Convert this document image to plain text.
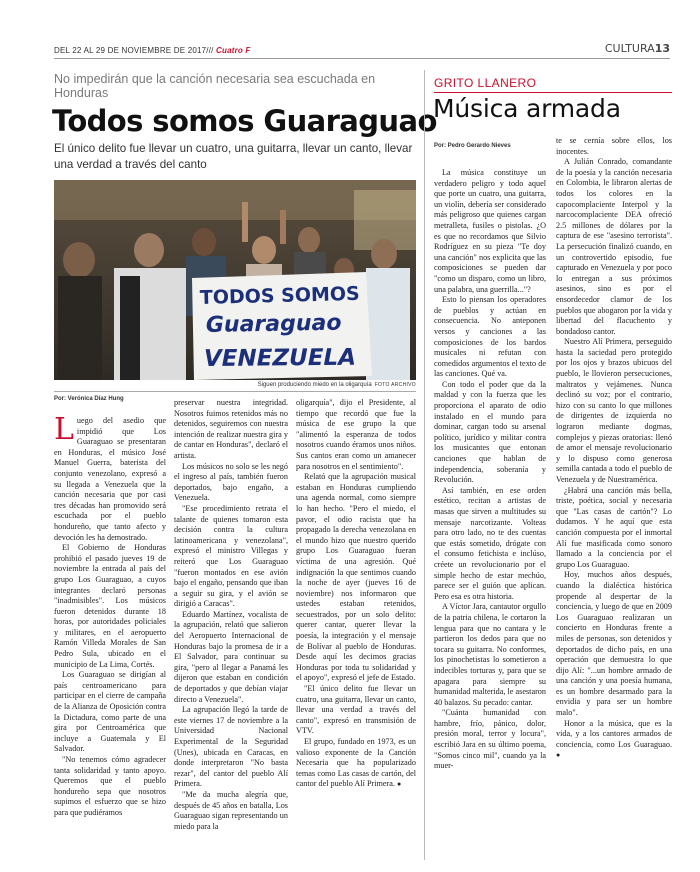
DEL 22 AL 29 DE NOVIEMBRE DE 2017/// Cuatro F	CULTURA13
No impedirán que la canción necesaria sea escuchada en Honduras
Todos somos Guaraguao
El único delito fue llevar un cuatro, una guitarra, llevar un canto, llevar una verdad a través del canto
TODOS SOMOS
Guaraguao
VENEZUELA
Siguen produciendo miedo en la oligarquía FOTO ARCHIVO
Por: Verónica Díaz Hung

Luego del asedio que impidió que Los Guaraguao se presentaran en Honduras, el músico José Manuel Guerra, baterista del conjunto venezolano, expresó a su llegada a Venezuela que la canción necesaria que por casi tres décadas han promovido será escuchada por el pueblo hondureño, que tanto afecto y devoción les ha demostrado.

El Gobierno de Honduras prohibió el pasado jueves 19 de noviembre la entrada al país del grupo Los Guaraguao, a cuyos integrantes declaró personas "inadmisibles". Los músicos fueron detenidos durante 18 horas, por autoridades policiales y militares, en el aeropuerto Ramón Villeda Morales de San Pedro Sula, ubicado en el municipio de La Lima, Cortés.

Los Guaraguao se dirigían al país centroamericano para participar en el cierre de campaña de la Alianza de Oposición contra la Dictadura, como parte de una gira por Centroamérica que incluye a Guatemala y El Salvador.

"No tenemos cómo agradecer tanta solidaridad y tanto apoyo. Queremos que el pueblo hondureño sepa que nosotros supimos el esfuerzo que se hizo para que pudiéramos

preservar nuestra integridad. Nosotros fuimos retenidos más no detenidos, seguiremos con nuestra intención de realizar nuestra gira y de cantar en Honduras", declaró el artista.

Los músicos no solo se les negó el ingreso al país, también fueron deportados, bajo engaño, a Venezuela.

"Ese procedimiento retrata el talante de quienes tomaron esta decisión contra la cultura latinoamericana y venezolana", expresó el ministro Villegas y reiteró que Los Guaraguao "fueron montados en ese avión bajo el engaño, pensando que iban a seguir su gira, y el avión se dirigió a Caracas".

Eduardo Martínez, vocalista de la agrupación, relató que salieron del Aeropuerto Internacional de Honduras bajo la promesa de ir a El Salvador, para continuar su gira, "pero al llegar a Panamá les dijeron que estaban en condición de deportados y que debían viajar directo a Venezuela".

La agrupación llegó la tarde de este viernes 17 de noviembre a la Universidad Nacional Experimental de la Seguridad (Unes), ubicada en Caracas, en donde interpretaron "No basta rezar", del cantor del pueblo Alí Primera.

"Me da mucha alegría que, después de 45 años en batalla, Los Guaraguao sigan representando un miedo para la

oligarquía", dijo el Presidente, al tiempo que recordó que fue la música de ese grupo la que "alimentó la esperanza de todos nosotros cuando éramos unos niños. Sus cantos eran como un amanecer para nosotros en el sentimiento".

Relató que la agrupación musical estaban en Honduras cumpliendo una agenda normal, como siempre lo han hecho. "Pero el miedo, el pavor, el odio racista que ha propagado la derecha venezolana en el mundo hizo que nuestro querido grupo Los Guaraguao fueran víctima de una agresión. Qué indignación la que sentimos cuando la noche de ayer (jueves 16 de noviembre) nos informaron que ustedes estaban retenidos, secuestrados, por un solo delito: querer cantar, querer llevar la poesía, la integración y el mensaje de Bolívar al pueblo de Honduras. Desde aquí les decimos gracias Honduras por toda tu solidaridad y el apoyo", expresó el jefe de Estado.

"El único delito fue llevar un cuatro, una guitarra, llevar un canto, llevar una verdad a través del canto", expresó en transmisión de VTV.

El grupo, fundado en 1973, es un valioso exponente de la Canción Necesaria que ha popularizado temas como Las casas de cartón, del cantor del pueblo Alí Primera. ●

GRITO LLANERO
Música armada
Por: Pedro Gerardo Nieves

La música constituye un verdadero peligro y todo aquel que porte un cuatro, una guitarra, un violín, debería ser considerado más peligroso que quienes cargan metralleta, fusiles o pistolas. ¿O es que no recordamos que Silvio Rodríguez en su pieza "Te doy una canción" nos explicita que las composiciones se pueden dar "como un disparo, como un libro, una palabra, una guerrilla..."?

Esto lo piensan los operadores de pueblos y actúan en consecuencia. No anteponen versos y canciones a las composiciones de los bardos musicales ni refutan con comedidos argumentos el texto de las canciones. Qué va.

Con todo el poder que da la maldad y con la fuerza que les proporciona el aparato de odio instalado en el mundo para dominar, cargan todo su arsenal político, jurídico y militar contra los musicantes que entonan canciones que hablan de independencia, soberanía y Revolución.

Así también, en ese orden estético, recitan a artistas de masas que sirven a multitudes su mensaje narcotizante. Volteas para otro lado, no te des cuentas que estás sometido, drógate con el consumo fetichista e inclúso, créete un revolucionario por el simple hecho de estar mechúo, parece ser el guión que aplican. Pero esa es otra historia.

A Víctor Jara, cantautor orgullo de la patria chilena, le cortaron la lengua para que no cantara y le partieron los dedos para que no tocara su guitarra. No conformes, los pinochetistas lo sometieron a indecibles torturas y, para que se apagara para siempre su humanidad malterida, le asestaron 40 balazos. Su pecado: cantar.

"Cuánta humanidad con hambre, frío, pánico, dolor, presión moral, terror y locura", escribió Jara en su último poema, "Somos cinco mil", cuando ya la muer-

te se cernía sobre ellos, los inocentes.

A Julián Conrado, comandante de la poesía y la canción necesaria en Colombia, le libraron alertas de todos los colores en la capocomplaciente Interpol y la narcocomplaciente DEA ofreció 2.5 millones de dólares por la captura de ese "asesino terrorista". La persecución finalizó cuando, en un controvertido episodio, fue capturado en Venezuela y por poco lo entregan a sus próximos asesinos, sino es por el ensordecedor clamor de los pueblos que abogaron por la vida y libertad del flacuchento y bondadoso cantor.

Nuestro Alí Primera, perseguido hasta la saciedad pero protegido por los ojos y brazos ubicuos del pueblo, le llovieron persecuciones, maltratos y vejámenes. Nunca declinó su voz; por el contrario, hizo con su canto lo que millones de dirigentes de izquierda no lograron mediante dogmas, complejos y piezas oratorias: llenó de amor el mensaje revolucionario y lo dispuso como generosa semilla cantada a todo el pueblo de Venezuela y de Nuestramérica.

¿Habrá una canción más bella, triste, poética, social y necesaria que "Las casas de cartón"? Lo dudamos. Y he aquí que esta canción compuesta por el inmortal Alí fue masificada como sonoro llamado a la conciencia por el grupo Los Guaraguao.

Hoy, muchos años después, cuando la dialéctica histórica propende al despertar de la conciencia, y luego de que en 2009 Los Guaraguao realizaran un concierto en Honduras frente a miles de personas, son detenidos y deportados de dicho país, en una operación que demuestra lo que dijo Alí: "...un hombre armado de una canción y una poesía humana, es un hombre desarmado para la envidia y para ser un hombre malo".

Honor a la música, que es la vida, y a los cantores armados de conciencia, como Los Guaraguao. ●
